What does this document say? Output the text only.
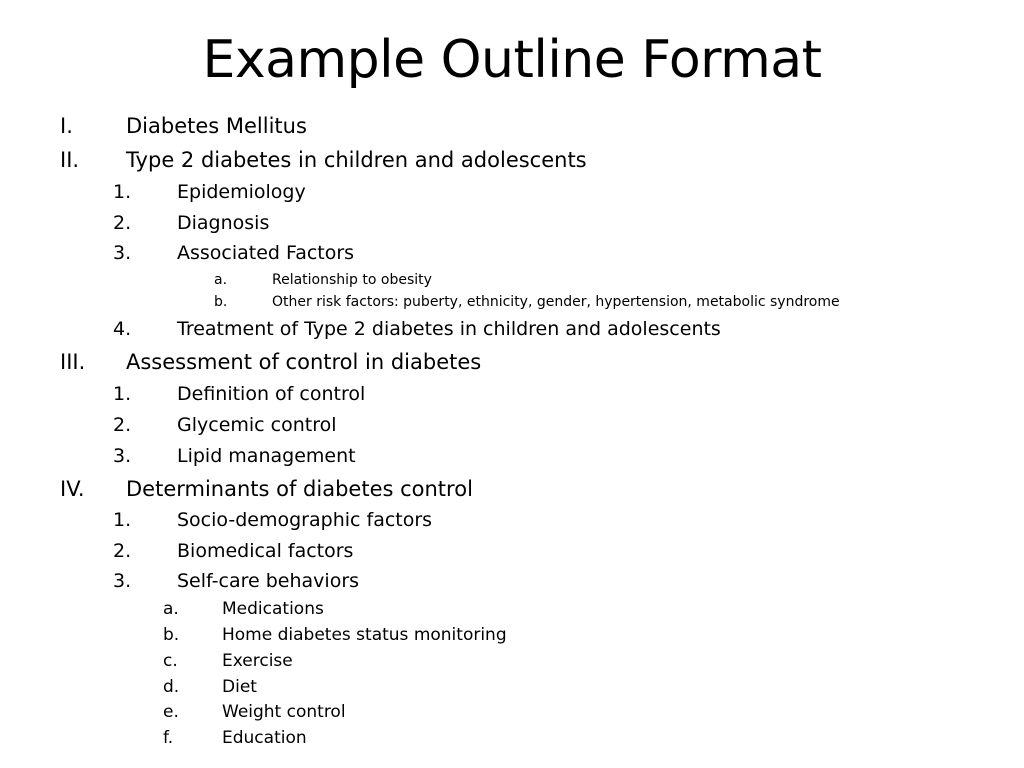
Example Outline Format
I.	Diabetes Mellitus
II. Type 2 diabetes in children and adolescents
1. Epidemiology
2. Diagnosis
3. Associated Factors
a.	Relationship to obesity
b.	Other risk factors: puberty, ethnicity, gender, hypertension, metabolic syndrome
4. Treatment of Type 2 diabetes in children and adolescents
III. Assessment of control in diabetes
1. Definition of control
2. Glycemic control
3. Lipid management
IV. Determinants of diabetes control
1. Socio-demographic factors
2. Biomedical factors
3. Self-care behaviors
a.	Medications
b.	Home diabetes status monitoring
c.	Exercise
d.	Diet
e.	Weight control
f.	Education
